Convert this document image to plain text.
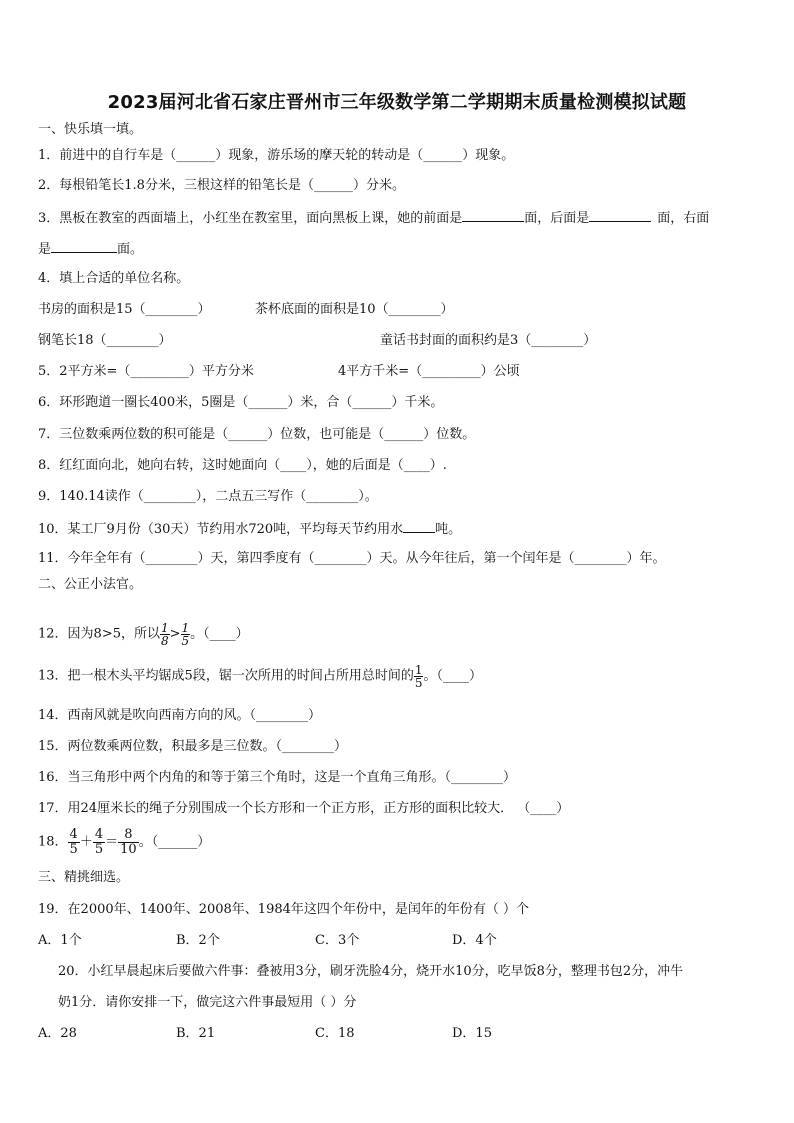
2023届河北省石家庄晋州市三年级数学第二学期期末质量检测模拟试题
一、快乐填一填。
1．前进中的自行车是（______）现象，游乐场的摩天轮的转动是（______）现象。
2．每根铅笔长1.8分米，三根这样的铅笔长是（______）分米。
3．黑板在教室的西面墙上，小红坐在教室里，面向黑板上课，她的前面是	面，后面是	面，右面
是	面。
4．填上合适的单位名称。
书房的面积是15（________）	茶杯底面的面积是10（________）
钢笔长18（________）	童话书封面的面积约是3（________）
5．2平方米=（_________）平方分米	4平方千米=（_________）公顷
6．环形跑道一圈长400米，5圈是（______）米，合（______）千米。
7．三位数乘两位数的积可能是（______）位数，也可能是（______）位数。
8．红红面向北，她向右转，这时她面向（____），她的后面是（____）.
9．140.14读作（________），二点五三写作（________）。
10．某工厂9月份（30天）节约用水720吨，平均每天节约用水 吨。
11．今年全年有（________）天，第四季度有（________）天。从今年往后，第一个闰年是（________）年。
二、公正小法官。
12．因为8>5，所以 $\frac{1}{8} > \frac{1}{5}$ 。（____）
13．把一根木头平均锯成5段，锯一次所用的时间占所用总时间的 $\frac{1}{5}$ 。（____）
14．西南风就是吹向西南方向的风。（________）
15．两位数乘两位数，积最多是三位数。（________）
16．当三角形中两个内角的和等于第三个角时，这是一个直角三角形。（________）
17．用24厘米长的绳子分别围成一个长方形和一个正方形，正方形的面积比较大． （____）
18． $\frac{4}{5} + \frac{4}{5} = \frac{8}{10}$ 。（______）
三、精挑细选。
19．在2000年、1400年、2008年、1984年这四个年份中，是闰年的年份有（ ）个
A．1个	B．2个	C．3个	D．4个
20．小红早晨起床后要做六件事：叠被用3分，刷牙洗脸4分，烧开水10分，吃早饭8分，整理书包2分，冲牛
奶1分．请你安排一下，做完这六件事最短用（ ）分
A．28	B．21	C．18	D．15
